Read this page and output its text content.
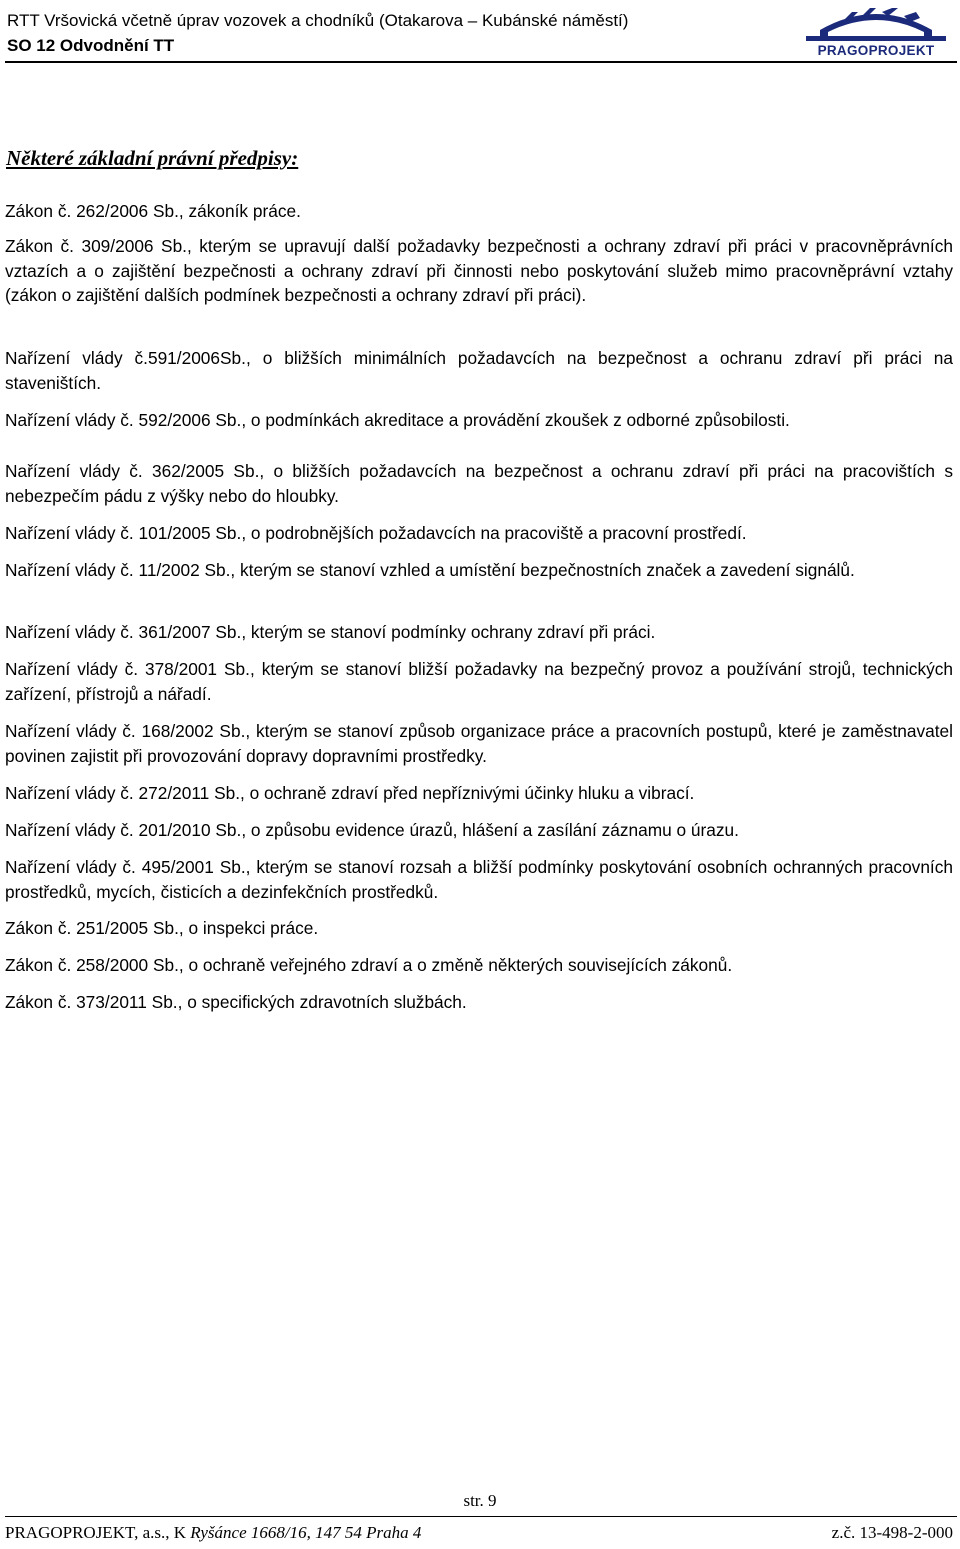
RTT Vršovická včetně úprav vozovek a chodníků (Otakarova – Kubánské náměstí)
SO 12 Odvodnění TT	PRAGOPROJEKT
Některé základní právní předpisy:

Zákon č. 262/2006 Sb., zákoník práce.

Zákon č. 309/2006 Sb., kterým se upravují další požadavky bezpečnosti a ochrany zdraví při práci v pracovněprávních vztazích a o zajištění bezpečnosti a ochrany zdraví při činnosti nebo poskytování služeb mimo pracovněprávní vztahy (zákon o zajištění dalších podmínek bezpečnosti a ochrany zdraví při práci).

Nařízení vlády č.591/2006Sb., o bližších minimálních požadavcích na bezpečnost a ochranu zdraví při práci na staveništích.

Nařízení vlády č. 592/2006 Sb., o podmínkách akreditace a provádění zkoušek z odborné způsobilosti.

Nařízení vlády č. 362/2005 Sb., o bližších požadavcích na bezpečnost a ochranu zdraví při práci na pracovištích s nebezpečím pádu z výšky nebo do hloubky.

Nařízení vlády č. 101/2005 Sb., o podrobnějších požadavcích na pracoviště a pracovní prostředí.

Nařízení vlády č. 11/2002 Sb., kterým se stanoví vzhled a umístění bezpečnostních značek a zavedení signálů.

Nařízení vlády č. 361/2007 Sb., kterým se stanoví podmínky ochrany zdraví při práci.

Nařízení vlády č. 378/2001 Sb., kterým se stanoví bližší požadavky na bezpečný provoz a používání strojů, technických zařízení, přístrojů a nářadí.

Nařízení vlády č. 168/2002 Sb., kterým se stanoví způsob organizace práce a pracovních postupů, které je zaměstnavatel povinen zajistit při provozování dopravy dopravními prostředky.

Nařízení vlády č. 272/2011 Sb., o ochraně zdraví před nepříznivými účinky hluku a vibrací.

Nařízení vlády č. 201/2010 Sb., o způsobu evidence úrazů, hlášení a zasílání záznamu o úrazu.

Nařízení vlády č. 495/2001 Sb., kterým se stanoví rozsah a bližší podmínky poskytování osobních ochranných pracovních prostředků, mycích, čisticích a dezinfekčních prostředků.

Zákon č. 251/2005 Sb., o inspekci práce.

Zákon č. 258/2000 Sb., o ochraně veřejného zdraví a o změně některých souvisejících zákonů.

Zákon č. 373/2011 Sb., o specifických zdravotních službách.

str. 9
PRAGOPROJEKT, a.s., K Ryšánce 1668/16, 147 54 Praha 4	z.č. 13-498-2-000
